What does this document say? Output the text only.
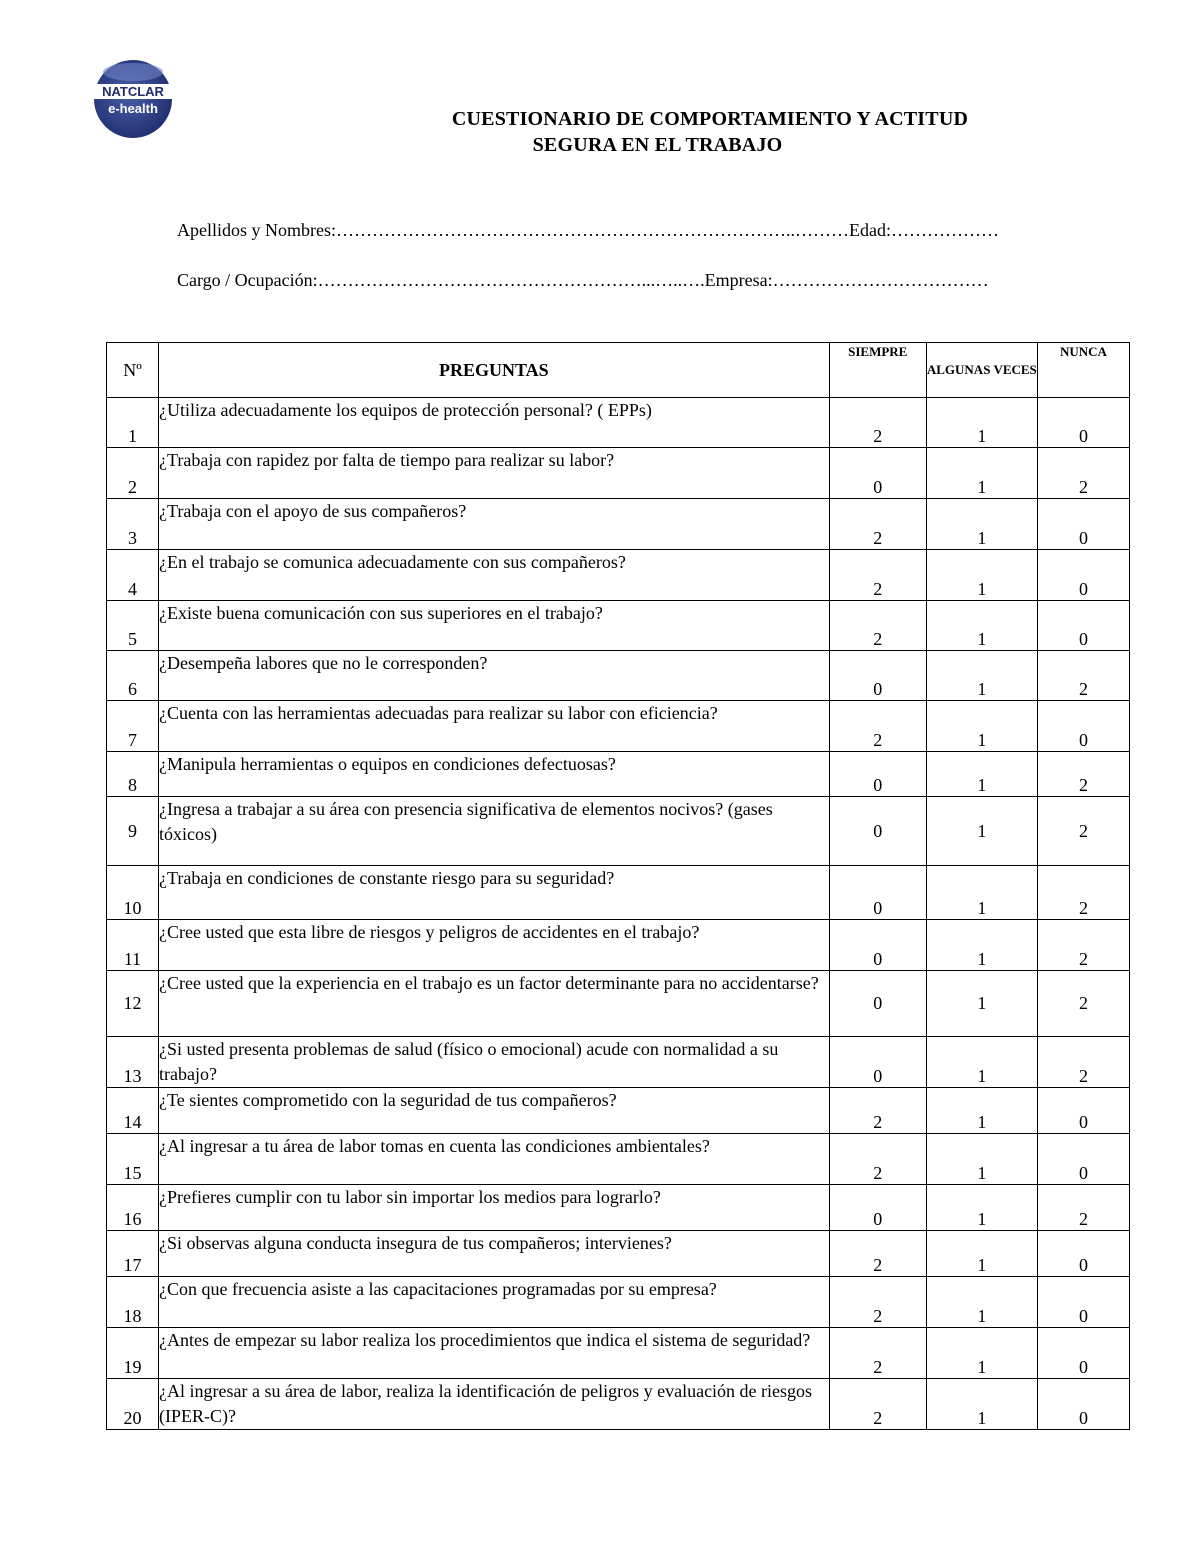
NATCLAR
e-health	CUESTIONARIO DE COMPORTAMIENTO Y ACTITUD
SEGURA EN EL TRABAJO
Apellidos y Nombres:…………………………………………………………………..………Edad:………………
Cargo / Ocupación:………………………………………………...…..….Empresa:………………………………
Nº	PREGUNTAS	SIEMPRE	ALGUNAS VECES	NUNCA
1	¿Utiliza adecuadamente los equipos de protección personal? ( EPPs)	2	1	0
2	¿Trabaja con rapidez por falta de tiempo para realizar su labor?	0	1	2
3	¿Trabaja con el apoyo de sus compañeros?	2	1	0
4	¿En el trabajo se comunica adecuadamente con sus compañeros?	2	1	0
5	¿Existe buena comunicación con sus superiores en el trabajo?	2	1	0
6	¿Desempeña labores que no le corresponden?	0	1	2
7	¿Cuenta con las herramientas adecuadas para realizar su labor con eficiencia?	2	1	0
8	¿Manipula herramientas o equipos en condiciones defectuosas?	0	1	2
9	¿Ingresa a trabajar a su área con presencia significativa de elementos nocivos? (gases tóxicos)	0	1	2
10	¿Trabaja en condiciones de constante riesgo para su seguridad?	0	1	2
11	¿Cree usted que esta libre de riesgos y peligros de accidentes en el trabajo?	0	1	2
12	¿Cree usted que la experiencia en el trabajo es un factor determinante para no accidentarse?	0	1	2
13	¿Si usted presenta problemas de salud (físico o emocional) acude con normalidad a su trabajo?	0	1	2
14	¿Te sientes comprometido con la seguridad de tus compañeros?	2	1	0
15	¿Al ingresar a tu área de labor tomas en cuenta las condiciones ambientales?	2	1	0
16	¿Prefieres cumplir con tu labor sin importar los medios para lograrlo?	0	1	2
17	¿Si observas alguna conducta insegura de tus compañeros; intervienes?	2	1	0
18	¿Con que frecuencia asiste a las capacitaciones programadas por su empresa?	2	1	0
19	¿Antes de empezar su labor realiza los procedimientos que indica el sistema de seguridad?	2	1	0
20	¿Al ingresar a su área de labor, realiza la identificación de peligros y evaluación de riesgos (IPER-C)?	2	1	0
